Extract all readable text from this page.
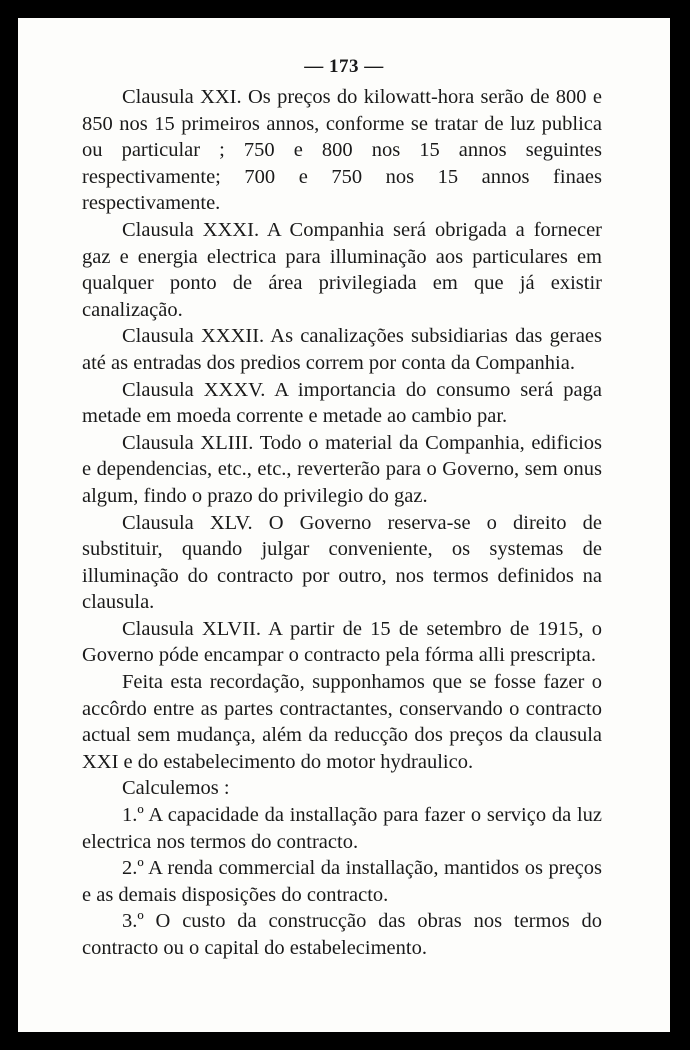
— 173 —

Clausula XXI. Os preços do kilowatt-hora serão de 800 e 850 nos 15 primeiros annos, conforme se tratar de luz publica ou particular ; 750 e 800 nos 15 annos seguintes respectivamente; 700 e 750 nos 15 annos finaes respectivamente.

Clausula XXXI. A Companhia será obrigada a fornecer gaz e energia electrica para illuminação aos particulares em qualquer ponto de área privilegiada em que já existir canalização.

Clausula XXXII. As canalizações subsidiarias das geraes até as entradas dos predios correm por conta da Companhia.

Clausula XXXV. A importancia do consumo será paga metade em moeda corrente e metade ao cambio par.

Clausula XLIII. Todo o material da Companhia, edificios e dependencias, etc., etc., reverterão para o Governo, sem onus algum, findo o prazo do privilegio do gaz.

Clausula XLV. O Governo reserva-se o direito de substituir, quando julgar conveniente, os systemas de illuminação do contracto por outro, nos termos definidos na clausula.

Clausula XLVII. A partir de 15 de setembro de 1915, o Governo póde encampar o contracto pela fórma alli prescripta.

Feita esta recordação, supponhamos que se fosse fazer o accôrdo entre as partes contractantes, conservando o contracto actual sem mudança, além da reducção dos preços da clausula XXI e do estabelecimento do motor hydraulico.

Calculemos :

1.º A capacidade da installação para fazer o serviço da luz electrica nos termos do contracto.

2.º A renda commercial da installação, mantidos os preços e as demais disposições do contracto.

3.º O custo da construcção das obras nos termos do contracto ou o capital do estabelecimento.
